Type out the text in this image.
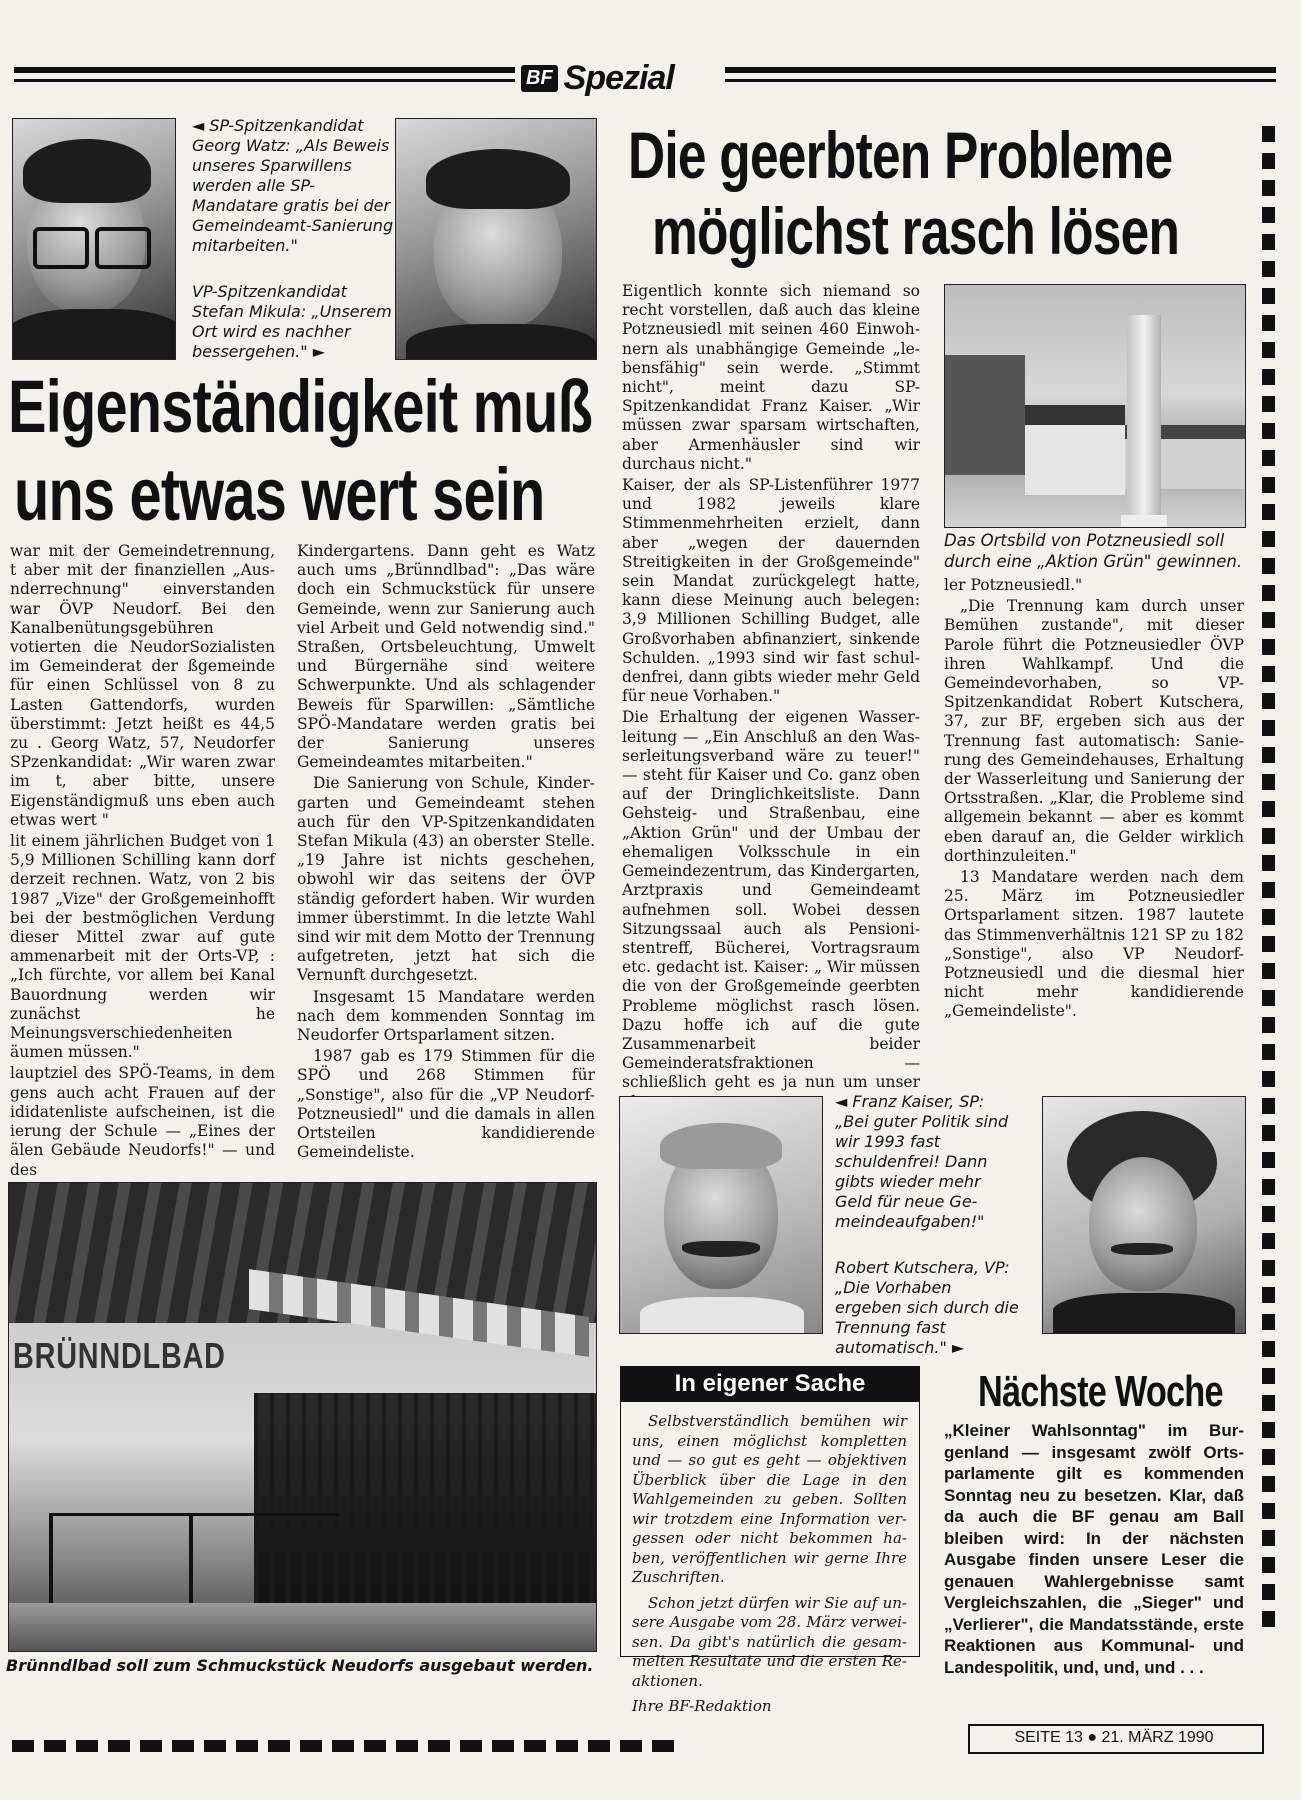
BF Spezial
◄ SP-Spitzenkandidat Georg Watz: „Als Beweis unseres Sparwillens werden alle SP-Mandatare gratis bei der Gemeindeamt-Sanierung mitarbeiten."
VP-Spitzenkandidat Stefan Mikula: „Unserem Ort wird es nachher bessergehen." ►
Eigenständigkeit muß
uns etwas wert sein

war mit der Gemeindetrennung, t aber mit der finanziellen „Ausnderrechnung" einverstanden war ÖVP Neudorf. Bei den Kanalbenütungsgebühren votierten die NeudorSozialisten im Gemeinderat der ßgemeinde für einen Schlüssel von 8 zu Lasten Gattendorfs, wurden überstimmt: Jetzt heißt es 44,5 zu . Georg Watz, 57, Neudorfer SPzenkandidat: „Wir waren zwar im t, aber bitte, unsere Eigenständigmuß uns eben auch etwas wert "

lit einem jährlichen Budget von 1 5,9 Millionen Schilling kann dorf derzeit rechnen. Watz, von 2 bis 1987 „Vize" der Großgemeinhofft bei der bestmöglichen Verdung dieser Mittel zwar auf gute ammenarbeit mit der Orts-VP, : „Ich fürchte, vor allem bei Kanal Bauordnung werden wir zunächst he Meinungsverschiedenheiten äumen müssen."

lauptziel des SPÖ-Teams, in dem gens auch acht Frauen auf der ididatenliste aufscheinen, ist die ierung der Schule — „Eines der älen Gebäude Neudorfs!" — und des

Kindergartens. Dann geht es Watz auch ums „Brünndlbad": „Das wäre doch ein Schmuckstück für unsere Gemeinde, wenn zur Sanierung auch viel Arbeit und Geld notwendig sind." Straßen, Ortsbeleuchtung, Umwelt und Bürgernähe sind weitere Schwerpunkte. Und als schlagender Beweis für Sparwillen: „Sämtliche SPÖ-Mandatare werden gratis bei der Sanierung unseres Gemeindeamtes mitarbeiten."

Die Sanierung von Schule, Kindergarten und Gemeindeamt stehen auch für den VP-Spitzenkandidaten Stefan Mikula (43) an oberster Stelle. „19 Jahre ist nichts geschehen, obwohl wir das seitens der ÖVP ständig gefordert haben. Wir wurden immer überstimmt. In die letzte Wahl sind wir mit dem Motto der Trennung aufgetreten, jetzt hat sich die Vernunft durchgesetzt.

Insgesamt 15 Mandatare werden nach dem kommenden Sonntag im Neudorfer Ortsparlament sitzen.

1987 gab es 179 Stimmen für die SPÖ und 268 Stimmen für „Sonstige", also für die „VP Neudorf-Potzneusiedl" und die damals in allen Ortsteilen kandidierende Gemeindeliste.

BRÜNNDLBAD
Brünndlbad soll zum Schmuckstück Neudorfs ausgebaut werden.
Die geerbten Probleme
möglichst rasch lösen

Eigentlich konnte sich niemand so recht vorstellen, daß auch das kleine Potzneusiedl mit seinen 460 Einwohnern als unabhängige Gemeinde „lebensfähig" sein werde. „Stimmt nicht", meint dazu SP-Spitzenkandidat Franz Kaiser. „Wir müssen zwar sparsam wirtschaften, aber Armenhäusler sind wir durchaus nicht."

Kaiser, der als SP-Listenführer 1977 und 1982 jeweils klare Stimmenmehrheiten erzielt, dann aber „wegen der dauernden Streitigkeiten in der Großgemeinde" sein Mandat zurückgelegt hatte, kann diese Meinung auch belegen: 3,9 Millionen Schilling Budget, alle Großvorhaben abfinanziert, sinkende Schulden. „1993 sind wir fast schuldenfrei, dann gibts wieder mehr Geld für neue Vorhaben."

Die Erhaltung der eigenen Wasserleitung — „Ein Anschluß an den Wasserleitungsverband wäre zu teuer!" — steht für Kaiser und Co. ganz oben auf der Dringlichkeitsliste. Dann Gehsteig- und Straßenbau, eine „Aktion Grün" und der Umbau der ehemaligen Volksschule in ein Gemeindezentrum, das Kindergarten, Arztpraxis und Gemeindeamt aufnehmen soll. Wobei dessen Sitzungssaal auch als Pensionistentreff, Bücherei, Vortragsraum etc. gedacht ist. Kaiser: „ Wir müssen die von der Großgemeinde geerbten Probleme möglichst rasch lösen. Dazu hoffe ich auf die gute Zusammenarbeit beider Gemeinderatsfraktionen — schließlich geht es ja nun um unser

Das Ortsbild von Potzneusiedl soll durch eine „Aktion Grün" gewinnen.

ler Potzneusiedl."

„Die Trennung kam durch unser Bemühen zustande", mit dieser Parole führt die Potzneusiedler ÖVP ihren Wahlkampf. Und die Gemeindevorhaben, so VP-Spitzenkandidat Robert Kutschera, 37, zur BF, ergeben sich aus der Trennung fast automatisch: Sanierung des Gemeindehauses, Erhaltung der Wasserleitung und Sanierung der Ortsstraßen. „Klar, die Probleme sind allgemein bekannt — aber es kommt eben darauf an, die Gelder wirklich dorthinzuleiten."

13 Mandatare werden nach dem 25. März im Potzneusiedler Ortsparlament sitzen. 1987 lautete das Stimmenverhältnis 121 SP zu 182 „Sonstige", also VP Neudorf-Potzneusiedl und die diesmal hier nicht mehr kandidierende „Gemeindeliste".

◄ Franz Kaiser, SP: „Bei guter Politik sind wir 1993 fast schuldenfrei! Dann gibts wieder mehr Geld für neue Gemeindeaufgaben!"
Robert Kutschera, VP: „Die Vorhaben ergeben sich durch die Trennung fast automatisch." ►
In eigener Sache

Selbstverständlich bemühen wir uns, einen möglichst kompletten und — so gut es geht — objektiven Überblick über die Lage in den Wahlgemeinden zu geben. Sollten wir trotzdem eine Information vergessen oder nicht bekommen haben, veröffentlichen wir gerne Ihre Zuschriften.

Schon jetzt dürfen wir Sie auf unsere Ausgabe vom 28. März verweisen. Da gibt's natürlich die gesammelten Resultate und die ersten Reaktionen.

Ihre BF-Redaktion

Nächste Woche
„Kleiner Wahlsonntag" im Burgenland — insgesamt zwölf Ortsparlamente gilt es kommenden Sonntag neu zu besetzen. Klar, daß da auch die BF genau am Ball bleiben wird: In der nächsten Ausgabe finden unsere Leser die genauen Wahlergebnisse samt Vergleichszahlen, die „Sieger" und „Verlierer", die Mandatsstände, erste Reaktionen aus Kommunal- und Landespolitik, und, und, und . . .
SEITE 13 ● 21. MÄRZ 1990
